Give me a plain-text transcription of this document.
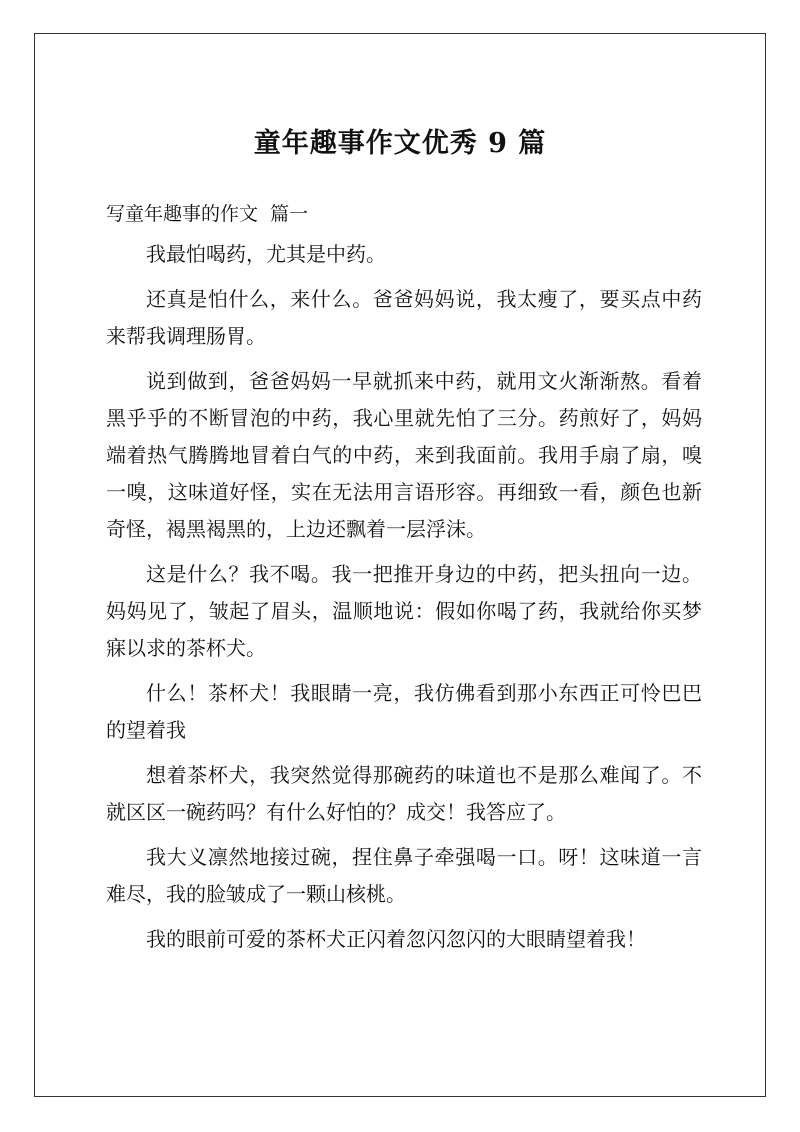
童年趣事作文优秀 9 篇
写童年趣事的作文  篇一

我最怕喝药，尤其是中药。

还真是怕什么，来什么。爸爸妈妈说，我太瘦了，要买点中药来帮我调理肠胃。

说到做到，爸爸妈妈一早就抓来中药，就用文火渐渐熬。看着黑乎乎的不断冒泡的中药，我心里就先怕了三分。药煎好了，妈妈端着热气腾腾地冒着白气的中药，来到我面前。我用手扇了扇，嗅一嗅，这味道好怪，实在无法用言语形容。再细致一看，颜色也新奇怪，褐黑褐黑的，上边还飘着一层浮沫。

这是什么？我不喝。我一把推开身边的中药，把头扭向一边。妈妈见了，皱起了眉头，温顺地说：假如你喝了药，我就给你买梦寐以求的茶杯犬。

什么！茶杯犬！我眼睛一亮，我仿佛看到那小东西正可怜巴巴的望着我

想着茶杯犬，我突然觉得那碗药的味道也不是那么难闻了。不就区区一碗药吗？有什么好怕的？成交！我答应了。

我大义凛然地接过碗，捏住鼻子牵强喝一口。呀！这味道一言难尽，我的脸皱成了一颗山核桃。

我的眼前可爱的茶杯犬正闪着忽闪忽闪的大眼睛望着我！
